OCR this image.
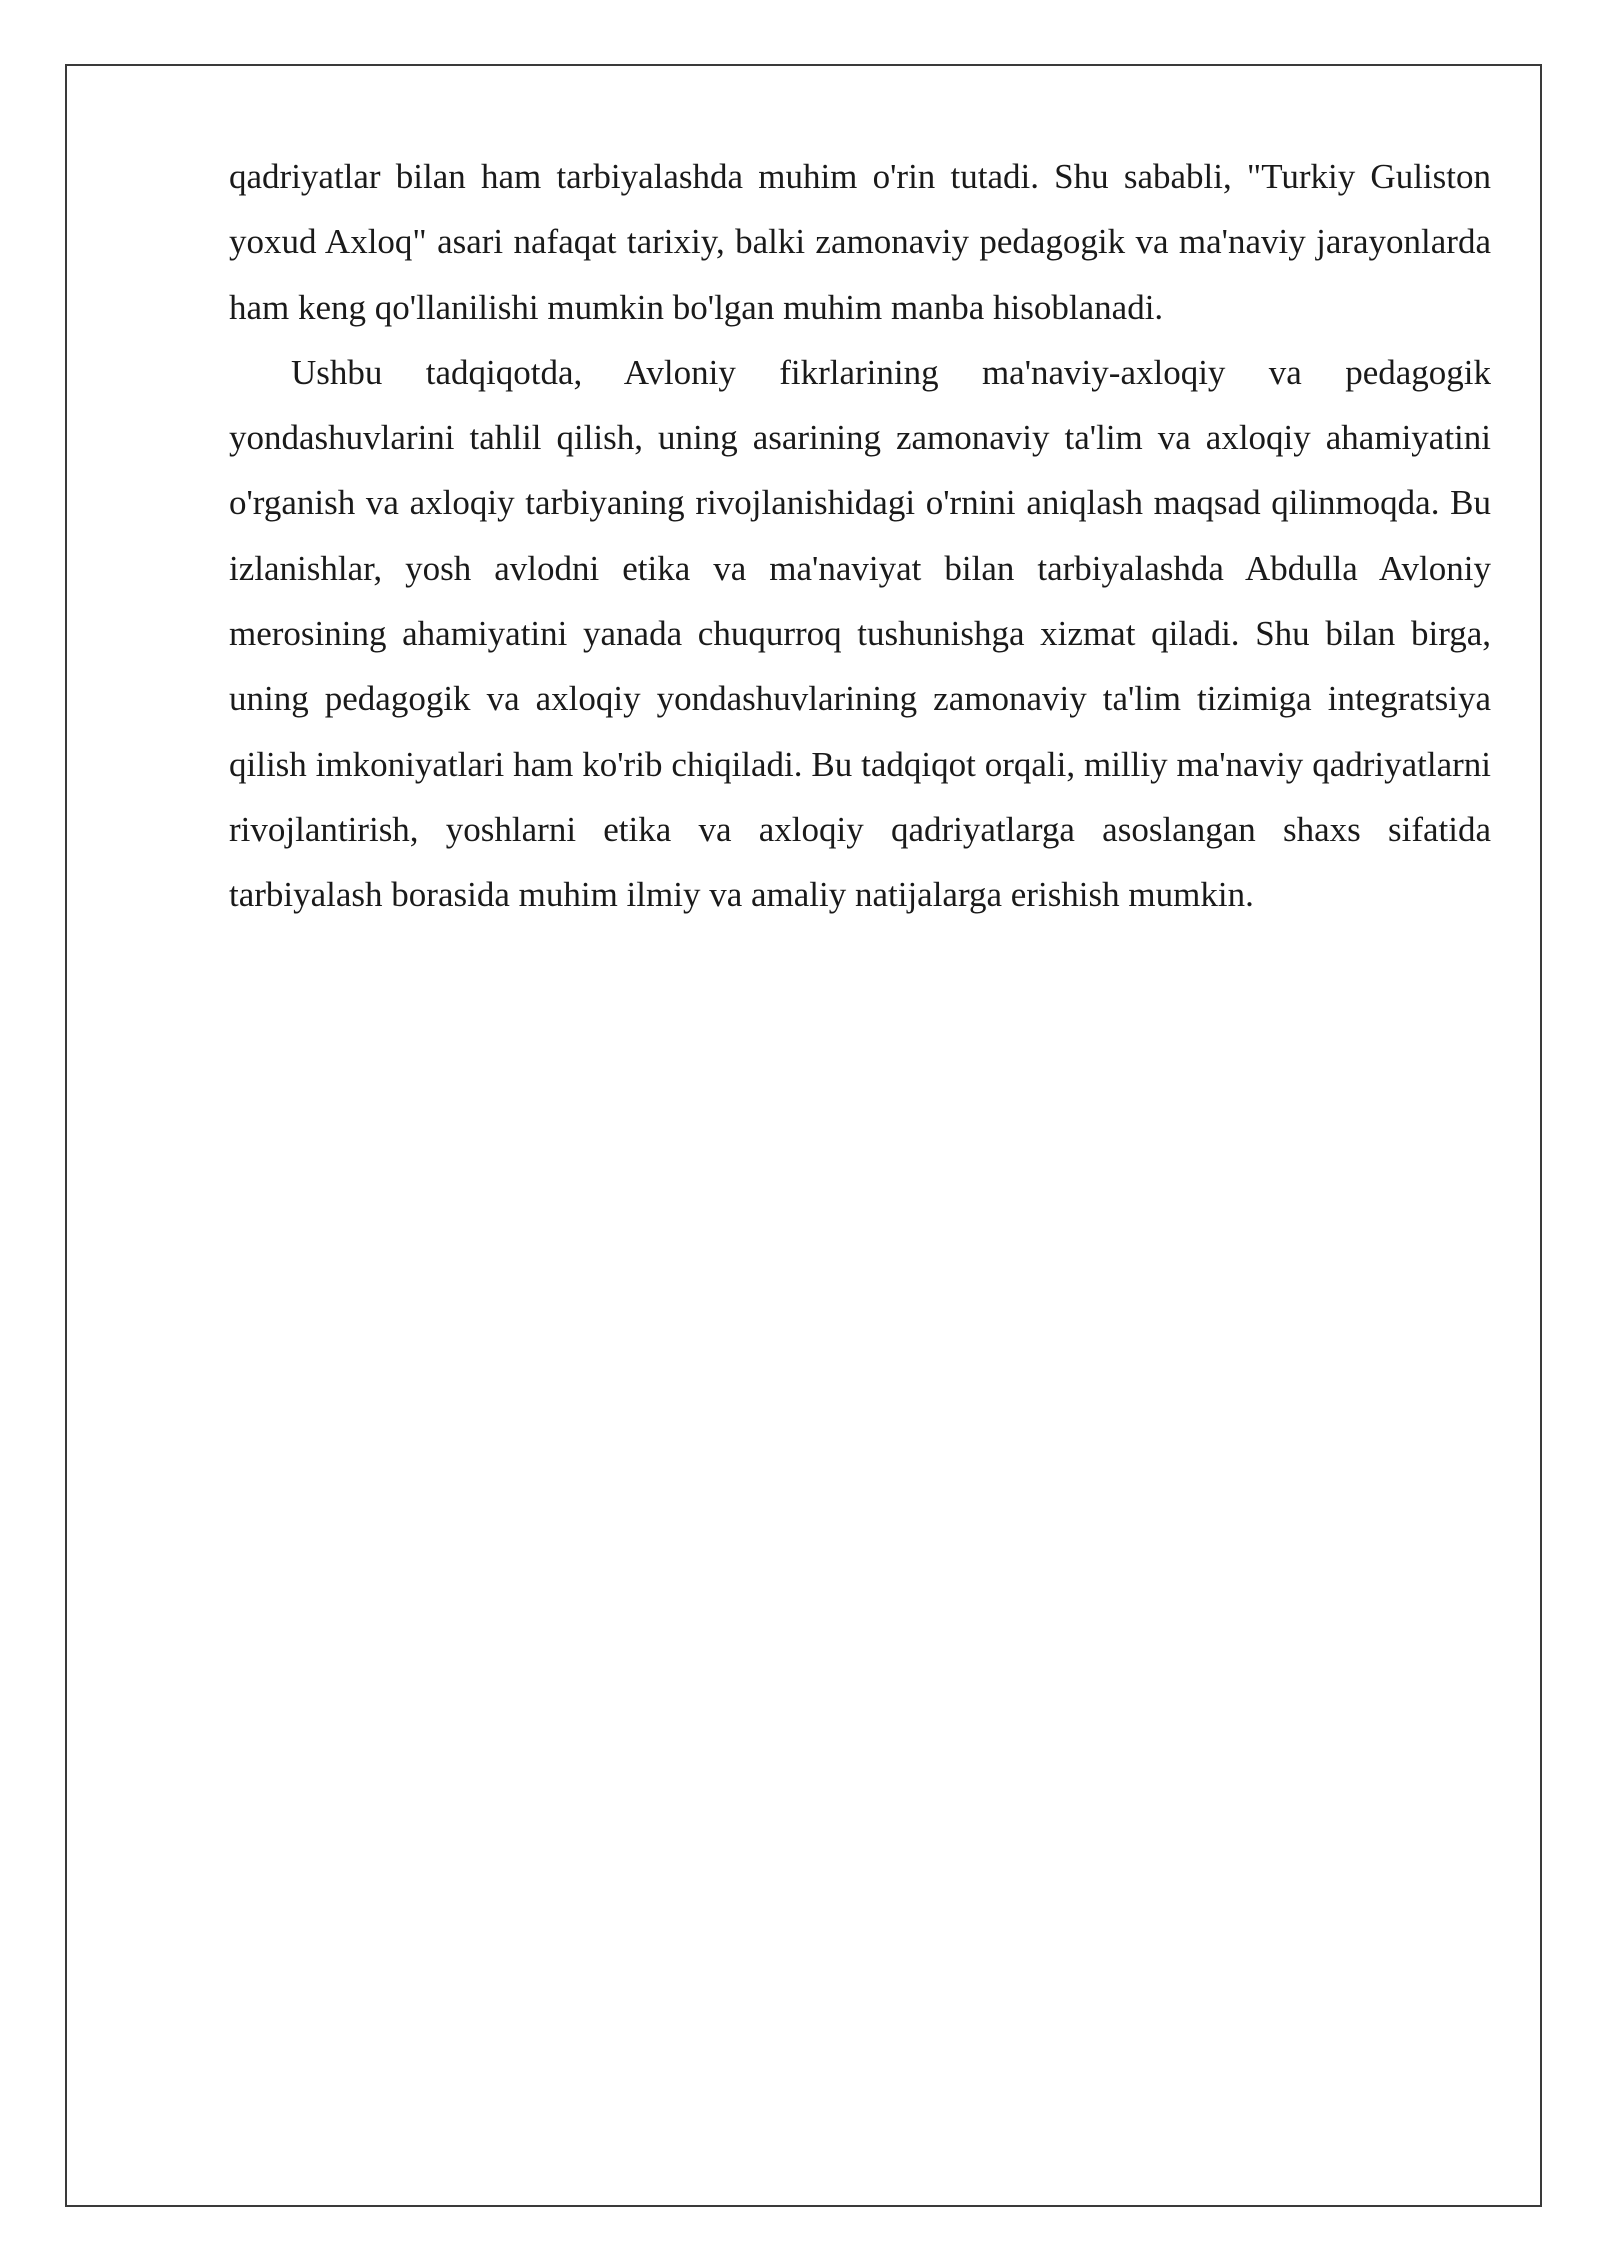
qadriyatlar bilan ham tarbiyalashda muhim o'rin tutadi. Shu sababli, "Turkiy Guliston yoxud Axloq" asari nafaqat tarixiy, balki zamonaviy pedagogik va ma'naviy jarayonlarda ham keng qo'llanilishi mumkin bo'lgan muhim manba hisoblanadi.

Ushbu tadqiqotda, Avloniy fikrlarining ma'naviy-axloqiy va pedagogik yondashuvlarini tahlil qilish, uning asarining zamonaviy ta'lim va axloqiy ahamiyatini o'rganish va axloqiy tarbiyaning rivojlanishidagi o'rnini aniqlash maqsad qilinmoqda. Bu izlanishlar, yosh avlodni etika va ma'naviyat bilan tarbiyalashda Abdulla Avloniy merosining ahamiyatini yanada chuqurroq tushunishga xizmat qiladi. Shu bilan birga, uning pedagogik va axloqiy yondashuvlarining zamonaviy ta'lim tizimiga integratsiya qilish imkoniyatlari ham ko'rib chiqiladi. Bu tadqiqot orqali, milliy ma'naviy qadriyatlarni rivojlantirish, yoshlarni etika va axloqiy qadriyatlarga asoslangan shaxs sifatida tarbiyalash borasida muhim ilmiy va amaliy natijalarga erishish mumkin.
